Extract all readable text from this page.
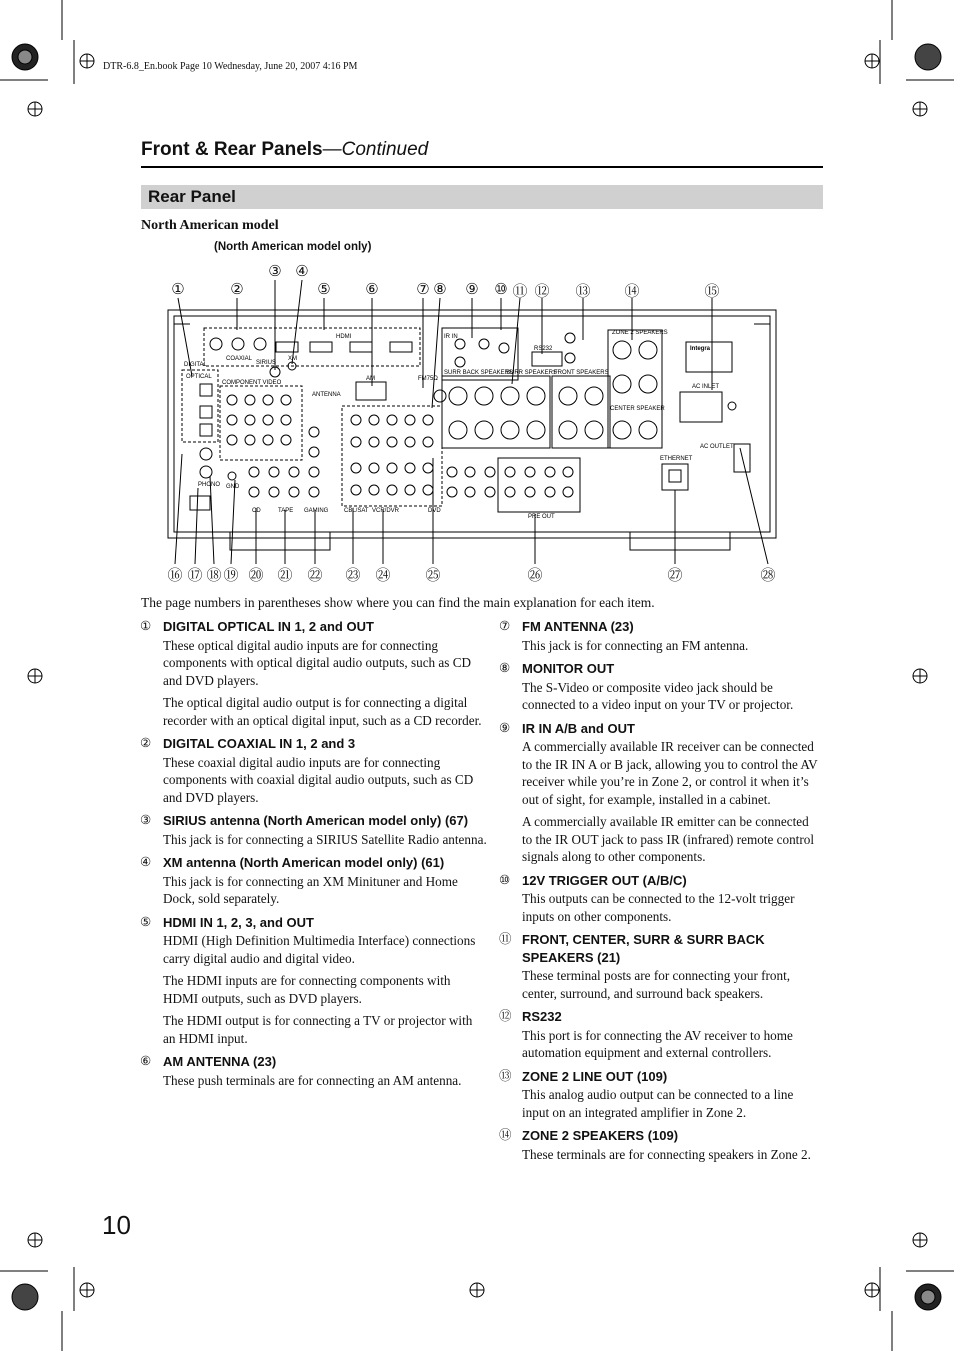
DTR-6.8_En.book Page 10 Wednesday, June 20, 2007 4:16 PM
Front & Rear Panels—Continued
Rear Panel
North American model
(North American model only)
①	②
③ ④
⑤	⑥	⑦ ⑧	⑨	⑩ ⑪ ⑫	⑬	⑭	⑮
⑯ ⑰ ⑱ ⑲ ⑳ ㉑ ㉒	㉓ ㉔	㉕	㉖	㉗	㉘
ANTENNA
AM	FM75Ω
HDMI
DIGITAL
OPTICAL
COAXIAL
COMPONENT VIDEO
SIRIUS
XM
IR IN
SURR BACK SPEAKERS
SURR SPEAKERS
FRONT SPEAKERS
ZONE 2 SPEAKERS
CENTER SPEAKER
RS232
AC INLET
AC OUTLET
ETHERNET
Integra
PRE OUT
CD	TAPE GAMING	CBL/SAT VCR/DVR	DVD
PHONO GND
The page numbers in parentheses show where you can find the main explanation for each item.
① DIGITAL OPTICAL IN 1, 2 and OUT

These optical digital audio inputs are for connecting components with optical digital audio outputs, such as CD and DVD players.

The optical digital audio output is for connecting a digital recorder with an optical digital input, such as a CD recorder.

② DIGITAL COAXIAL IN 1, 2 and 3

These coaxial digital audio inputs are for connecting components with coaxial digital audio outputs, such as CD and DVD players.

③ SIRIUS antenna (North American model only) (67)

This jack is for connecting a SIRIUS Satellite Radio antenna.

④ XM antenna (North American model only) (61)

This jack is for connecting an XM Minituner and Home Dock, sold separately.

⑤ HDMI IN 1, 2, 3, and OUT

HDMI (High Definition Multimedia Interface) connections carry digital audio and digital video.

The HDMI inputs are for connecting components with HDMI outputs, such as DVD players.

The HDMI output is for connecting a TV or projector with an HDMI input.

⑥ AM ANTENNA (23)

These push terminals are for connecting an AM antenna.

⑦ FM ANTENNA (23)

This jack is for connecting an FM antenna.

⑧ MONITOR OUT

The S-Video or composite video jack should be connected to a video input on your TV or projector.

⑨ IR IN A/B and OUT

A commercially available IR receiver can be connected to the IR IN A or B jack, allowing you to control the AV receiver while you’re in Zone 2, or control it when it’s out of sight, for example, installed in a cabinet.

A commercially available IR emitter can be connected to the IR OUT jack to pass IR (infrared) remote control signals along to other components.

⑩ 12V TRIGGER OUT (A/B/C)

This outputs can be connected to the 12-volt trigger inputs on other components.

⑪ FRONT, CENTER, SURR & SURR BACK SPEAKERS (21)

These terminal posts are for connecting your front, center, surround, and surround back speakers.

⑫ RS232

This port is for connecting the AV receiver to home automation equipment and external controllers.

⑬ ZONE 2 LINE OUT (109)

This analog audio output can be connected to a line input on an integrated amplifier in Zone 2.

⑭ ZONE 2 SPEAKERS (109)

These terminals are for connecting speakers in Zone 2.

10
